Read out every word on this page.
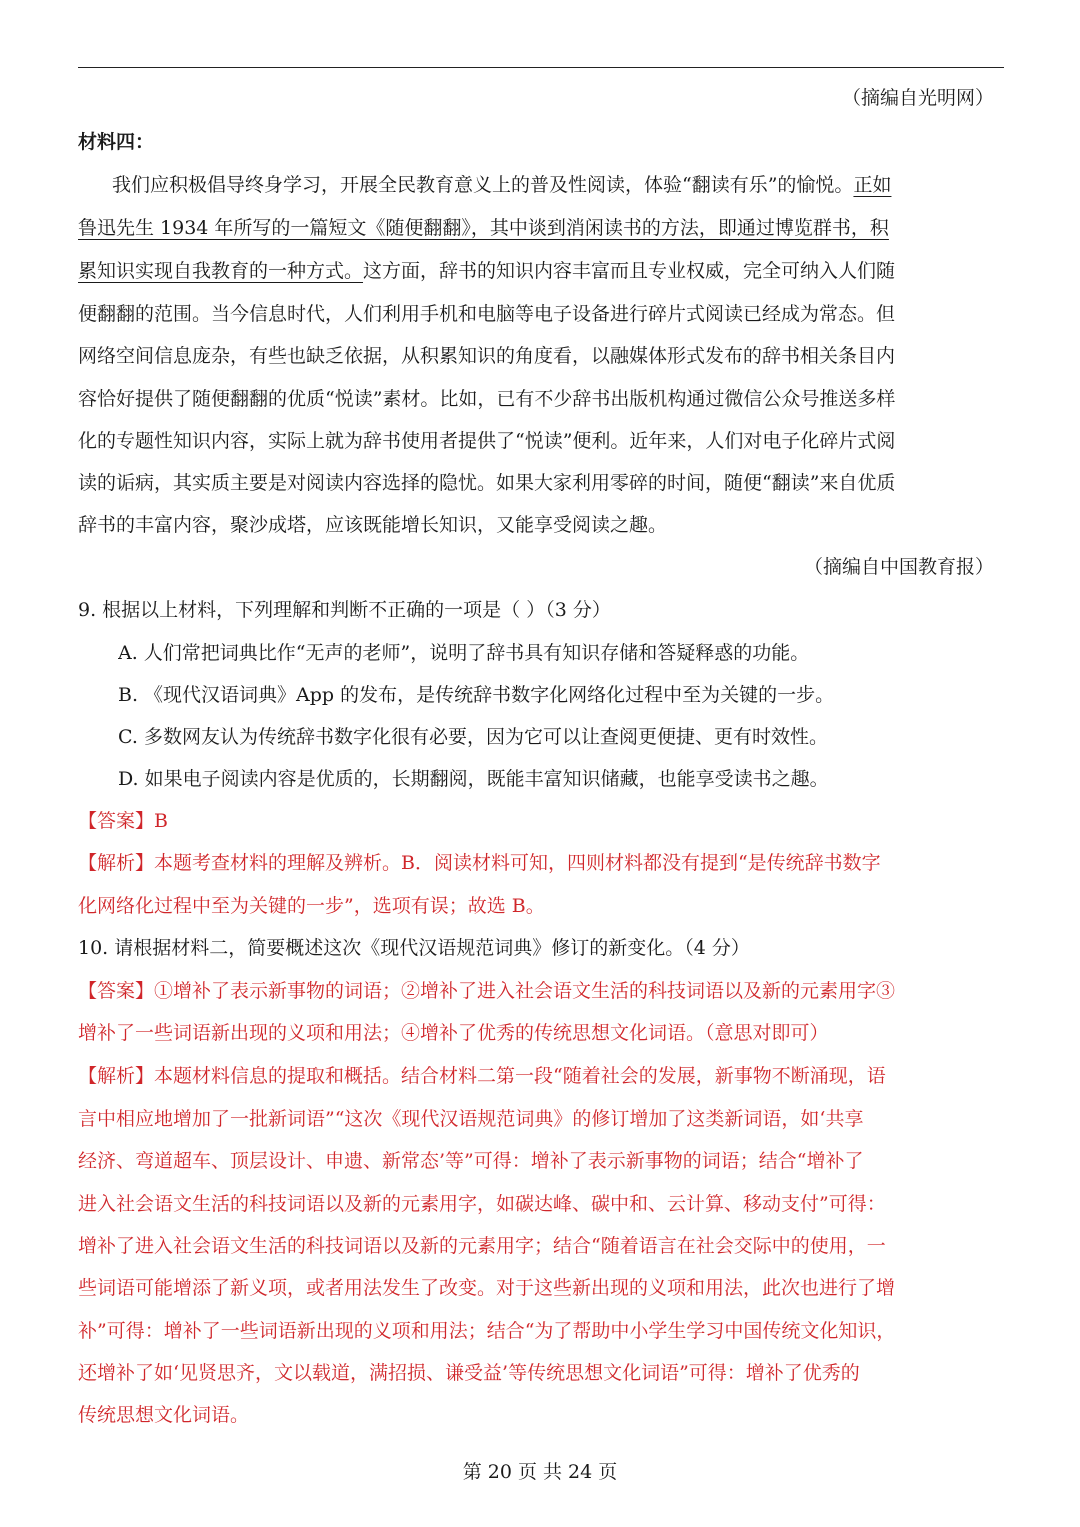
（摘编自光明网）
材料四：
我们应积极倡导终身学习，开展全民教育意义上的普及性阅读，体验“翻读有乐”的愉悦。正如
鲁迅先生 1934 年所写的一篇短文《随便翻翻》，其中谈到消闲读书的方法，即通过博览群书，积
累知识实现自我教育的一种方式。这方面，辞书的知识内容丰富而且专业权威，完全可纳入人们随
便翻翻的范围。当今信息时代，人们利用手机和电脑等电子设备进行碎片式阅读已经成为常态。但
网络空间信息庞杂，有些也缺乏依据，从积累知识的角度看，以融媒体形式发布的辞书相关条目内
容恰好提供了随便翻翻的优质“悦读”素材。比如，已有不少辞书出版机构通过微信公众号推送多样
化的专题性知识内容，实际上就为辞书使用者提供了“悦读”便利。近年来，人们对电子化碎片式阅
读的诟病，其实质主要是对阅读内容选择的隐忧。如果大家利用零碎的时间，随便“翻读”来自优质
辞书的丰富内容，聚沙成塔，应该既能增长知识，又能享受阅读之趣。
（摘编自中国教育报）
9. 根据以上材料，下列理解和判断不正确的一项是（ ）（3 分）
A. 人们常把词典比作“无声的老师”，说明了辞书具有知识存储和答疑释惑的功能。
B. 《现代汉语词典》App 的发布，是传统辞书数字化网络化过程中至为关键的一步。
C. 多数网友认为传统辞书数字化很有必要，因为它可以让查阅更便捷、更有时效性。
D. 如果电子阅读内容是优质的，长期翻阅，既能丰富知识储藏，也能享受读书之趣。
【答案】B
【解析】本题考查材料的理解及辨析。B．阅读材料可知，四则材料都没有提到“是传统辞书数字
化网络化过程中至为关键的一步”，选项有误；故选 B。
10. 请根据材料二，简要概述这次《现代汉语规范词典》修订的新变化。（4 分）
【答案】①增补了表示新事物的词语；②增补了进入社会语文生活的科技词语以及新的元素用字③
增补了一些词语新出现的义项和用法；④增补了优秀的传统思想文化词语。（意思对即可）
【解析】本题材料信息的提取和概括。结合材料二第一段“随着社会的发展，新事物不断涌现，语
言中相应地增加了一批新词语”“这次《现代汉语规范词典》的修订增加了这类新词语，如‘共享
经济、弯道超车、顶层设计、申遗、新常态’等”可得：增补了表示新事物的词语；结合“增补了
进入社会语文生活的科技词语以及新的元素用字，如碳达峰、碳中和、云计算、移动支付”可得：
增补了进入社会语文生活的科技词语以及新的元素用字；结合“随着语言在社会交际中的使用，一
些词语可能增添了新义项，或者用法发生了改变。对于这些新出现的义项和用法，此次也进行了增
补”可得：增补了一些词语新出现的义项和用法；结合“为了帮助中小学生学习中国传统文化知识，
还增补了如‘见贤思齐，文以载道，满招损、谦受益’等传统思想文化词语”可得：增补了优秀的
传统思想文化词语。
第 20 页 共 24 页
